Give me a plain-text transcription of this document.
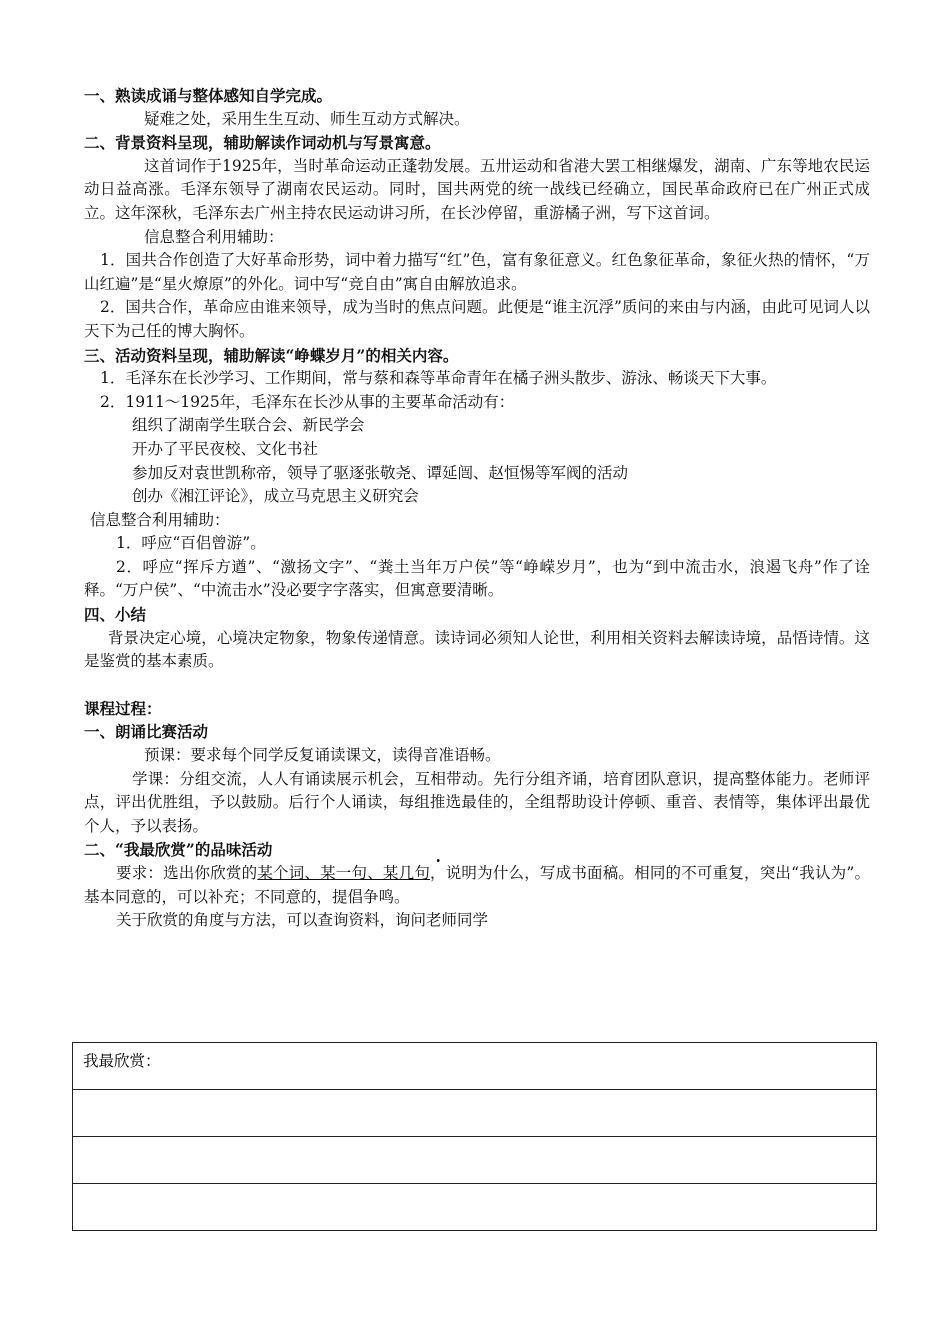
一、熟读成诵与整体感知自学完成。
疑难之处，采用生生互动、师生互动方式解决。
二、背景资料呈现，辅助解读作词动机与写景寓意。
这首词作于1925年，当时革命运动正蓬勃发展。五卅运动和省港大罢工相继爆发，湖南、广东等地农民运动日益高涨。毛泽东领导了湖南农民运动。同时，国共两党的统一战线已经确立，国民革命政府已在广州正式成立。这年深秋，毛泽东去广州主持农民运动讲习所，在长沙停留，重游橘子洲，写下这首词。
信息整合利用辅助：
1．国共合作创造了大好革命形势，词中着力描写“红”色，富有象征意义。红色象征革命，象征火热的情怀，“万山红遍”是“星火燎原”的外化。词中写“竞自由”寓自由解放追求。
2．国共合作，革命应由谁来领导，成为当时的焦点问题。此便是“谁主沉浮”质问的来由与内涵，由此可见词人以天下为己任的博大胸怀。
三、活动资料呈现，辅助解读“峥蝶岁月”的相关内容。
1．毛泽东在长沙学习、工作期间，常与蔡和森等革命青年在橘子洲头散步、游泳、畅谈天下大事。
2．1911～1925年，毛泽东在长沙从事的主要革命活动有：
组织了湖南学生联合会、新民学会
开办了平民夜校、文化书社
参加反对袁世凯称帝，领导了驱逐张敬尧、谭延闿、赵恒惕等军阀的活动
创办《湘江评论》，成立马克思主义研究会
信息整合利用辅助：
1．呼应“百侣曾游”。
2．呼应“挥斥方遒”、“激扬文字”、“粪土当年万户侯”等“峥嵘岁月”，也为“到中流击水，浪遏飞舟”作了诠释。“万户侯”、“中流击水”没必要字字落实，但寓意要清晰。
四、小结
背景决定心境，心境决定物象，物象传递情意。读诗词必须知人论世，利用相关资料去解读诗境，品悟诗情。这是鉴赏的基本素质。
课程过程：
一、朗诵比赛活动
预课：要求每个同学反复诵读课文，读得音准语畅。
学课：分组交流，人人有诵读展示机会，互相带动。先行分组齐诵，培育团队意识，提高整体能力。老师评点，评出优胜组，予以鼓励。后行个人诵读，每组推选最佳的，全组帮助设计停顿、重音、表情等，集体评出最优个人，予以表扬。
二、“我最欣赏”的品味活动
要求：选出你欣赏的某个词、某一句、某几句，说明为什么，写成书面稿。相同的不可重复，突出“我认为”。基本同意的，可以补充；不同意的，提倡争鸣。
关于欣赏的角度与方法，可以查询资料，询问老师同学
我最欣赏：
